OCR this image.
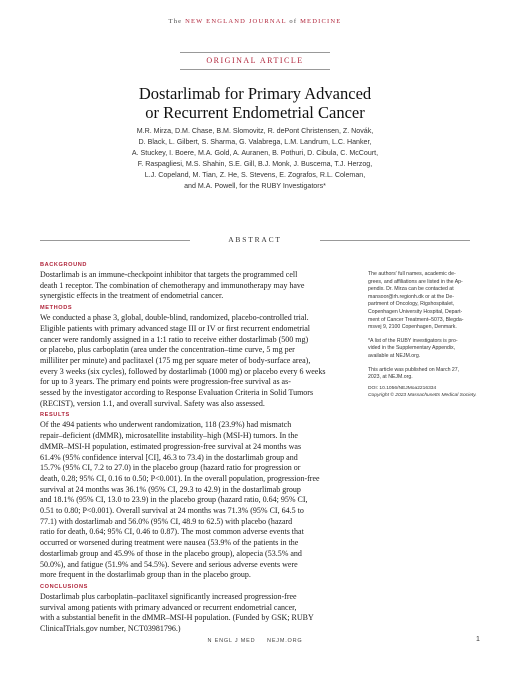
The NEW ENGLAND JOURNAL of MEDICINE
ORIGINAL ARTICLE
Dostarlimab for Primary Advanced
or Recurrent Endometrial Cancer
M.R. Mirza, D.M. Chase, B.M. Slomovitz, R. dePont Christensen, Z. Novák,
D. Black, L. Gilbert, S. Sharma, G. Valabrega, L.M. Landrum, L.C. Hanker,
A. Stuckey, I. Boere, M.A. Gold, A. Auranen, B. Pothuri, D. Cibula, C. McCourt,
F. Raspagliesi, M.S. Shahin, S.E. Gill, B.J. Monk, J. Buscema, T.J. Herzog,
L.J. Copeland, M. Tian, Z. He, S. Stevens, E. Zografos, R.L. Coleman,
and M.A. Powell, for the RUBY Investigators*
ABSTRACT
BACKGROUND
Dostarlimab is an immune-checkpoint inhibitor that targets the programmed cell
death 1 receptor. The combination of chemotherapy and immunotherapy may have
synergistic effects in the treatment of endometrial cancer.
METHODS
We conducted a phase 3, global, double-blind, randomized, placebo-controlled trial.
Eligible patients with primary advanced stage III or IV or first recurrent endometrial
cancer were randomly assigned in a 1:1 ratio to receive either dostarlimab (500 mg)
or placebo, plus carboplatin (area under the concentration–time curve, 5 mg per
milliliter per minute) and paclitaxel (175 mg per square meter of body-surface area),
every 3 weeks (six cycles), followed by dostarlimab (1000 mg) or placebo every 6 weeks
for up to 3 years. The primary end points were progression-free survival as as-
sessed by the investigator according to Response Evaluation Criteria in Solid Tumors
(RECIST), version 1.1, and overall survival. Safety was also assessed.
RESULTS
Of the 494 patients who underwent randomization, 118 (23.9%) had mismatch
repair–deficient (dMMR), microsatellite instability–high (MSI-H) tumors. In the
dMMR–MSI-H population, estimated progression-free survival at 24 months was
61.4% (95% confidence interval [CI], 46.3 to 73.4) in the dostarlimab group and
15.7% (95% CI, 7.2 to 27.0) in the placebo group (hazard ratio for progression or
death, 0.28; 95% CI, 0.16 to 0.50; P<0.001). In the overall population, progression-free
survival at 24 months was 36.1% (95% CI, 29.3 to 42.9) in the dostarlimab group
and 18.1% (95% CI, 13.0 to 23.9) in the placebo group (hazard ratio, 0.64; 95% CI,
0.51 to 0.80; P<0.001). Overall survival at 24 months was 71.3% (95% CI, 64.5 to
77.1) with dostarlimab and 56.0% (95% CI, 48.9 to 62.5) with placebo (hazard
ratio for death, 0.64; 95% CI, 0.46 to 0.87). The most common adverse events that
occurred or worsened during treatment were nausea (53.9% of the patients in the
dostarlimab group and 45.9% of those in the placebo group), alopecia (53.5% and
50.0%), and fatigue (51.9% and 54.5%). Severe and serious adverse events were
more frequent in the dostarlimab group than in the placebo group.
CONCLUSIONS
Dostarlimab plus carboplatin–paclitaxel significantly increased progression-free
survival among patients with primary advanced or recurrent endometrial cancer,
with a substantial benefit in the dMMR–MSI-H population. (Funded by GSK; RUBY
ClinicalTrials.gov number, NCT03981796.)
The authors' full names, academic de-
grees, and affiliations are listed in the Ap-
pendix. Dr. Mirza can be contacted at
mansoor@rh.regionh.dk or at the De-
partment of Oncology, Rigshospitalet,
Copenhagen University Hospital, Depart-
ment of Cancer Treatment–5073, Blegda-
msvej 9, 2100 Copenhagen, Denmark.
*A list of the RUBY investigators is pro-
vided in the Supplementary Appendix,
available at NEJM.org.
This article was published on March 27,
2023, at NEJM.org.
DOI: 10.1056/NEJMoa2216334
Copyright © 2023 Massachusetts Medical Society.
N ENGL J MED     NEJM.ORG	1
